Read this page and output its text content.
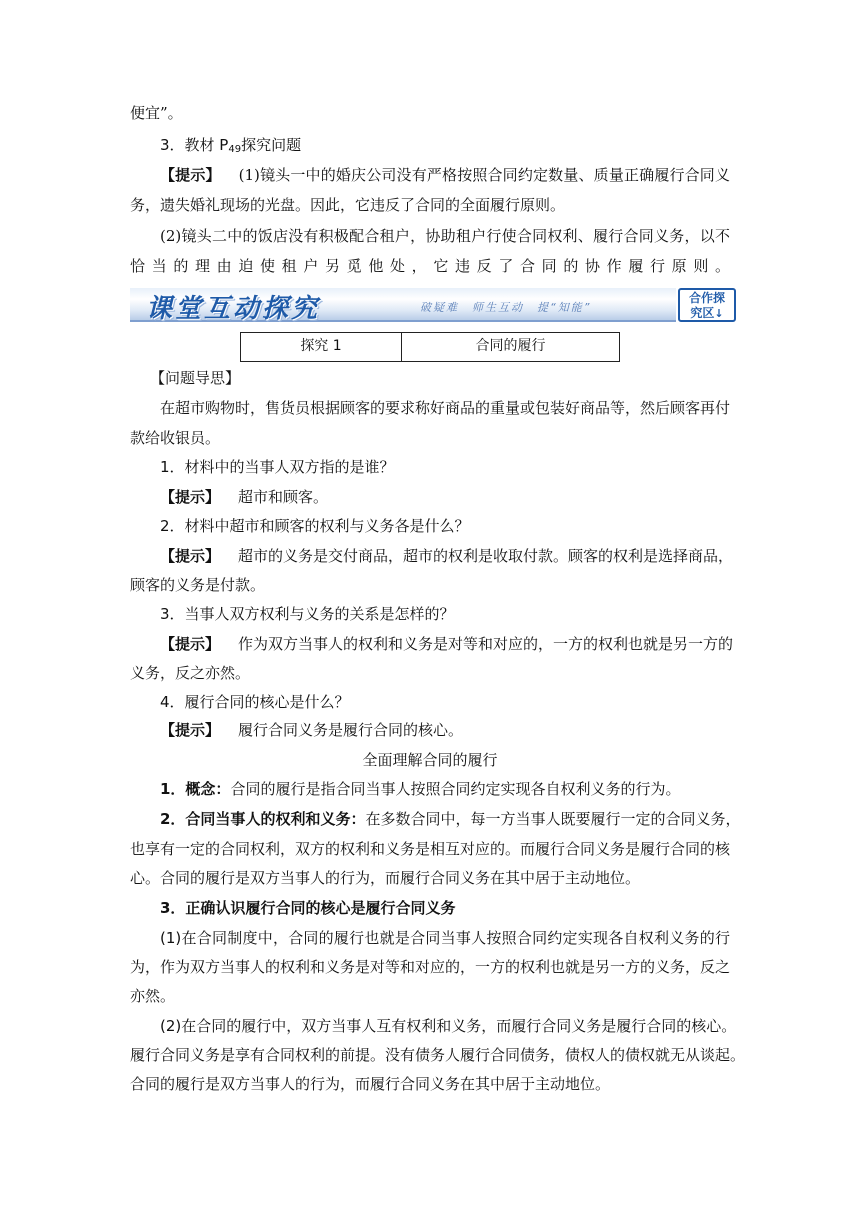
便宜”。
3．教材 $P_{49}$探究问题
【提示】 (1)镜头一中的婚庆公司没有严格按照合同约定数量、质量正确履行合同义
务，遗失婚礼现场的光盘。因此，它违反了合同的全面履行原则。
(2)镜头二中的饭店没有积极配合租户，协助租户行使合同权利、履行合同义务，以不
恰当的理由迫使租户另觅他处，它违反了合同的协作履行原则。
课堂互动探究	破疑难　师生互动　提“知能”
合作探
究区↓
探究 1	合同的履行
【问题导思】
在超市购物时，售货员根据顾客的要求称好商品的重量或包装好商品等，然后顾客再付
款给收银员。
1．材料中的当事人双方指的是谁？
【提示】 超市和顾客。
2．材料中超市和顾客的权利与义务各是什么？
【提示】 超市的义务是交付商品，超市的权利是收取付款。顾客的权利是选择商品，
顾客的义务是付款。
3．当事人双方权利与义务的关系是怎样的？
【提示】 作为双方当事人的权利和义务是对等和对应的，一方的权利也就是另一方的
义务，反之亦然。
4．履行合同的核心是什么？
【提示】 履行合同义务是履行合同的核心。
全面理解合同的履行
1．概念：合同的履行是指合同当事人按照合同约定实现各自权利义务的行为。
2．合同当事人的权利和义务：在多数合同中，每一方当事人既要履行一定的合同义务，
也享有一定的合同权利，双方的权利和义务是相互对应的。而履行合同义务是履行合同的核
心。合同的履行是双方当事人的行为，而履行合同义务在其中居于主动地位。
3．正确认识履行合同的核心是履行合同义务
(1)在合同制度中，合同的履行也就是合同当事人按照合同约定实现各自权利义务的行
为，作为双方当事人的权利和义务是对等和对应的，一方的权利也就是另一方的义务，反之
亦然。
(2)在合同的履行中，双方当事人互有权利和义务，而履行合同义务是履行合同的核心。
履行合同义务是享有合同权利的前提。没有债务人履行合同债务，债权人的债权就无从谈起。
合同的履行是双方当事人的行为，而履行合同义务在其中居于主动地位。
